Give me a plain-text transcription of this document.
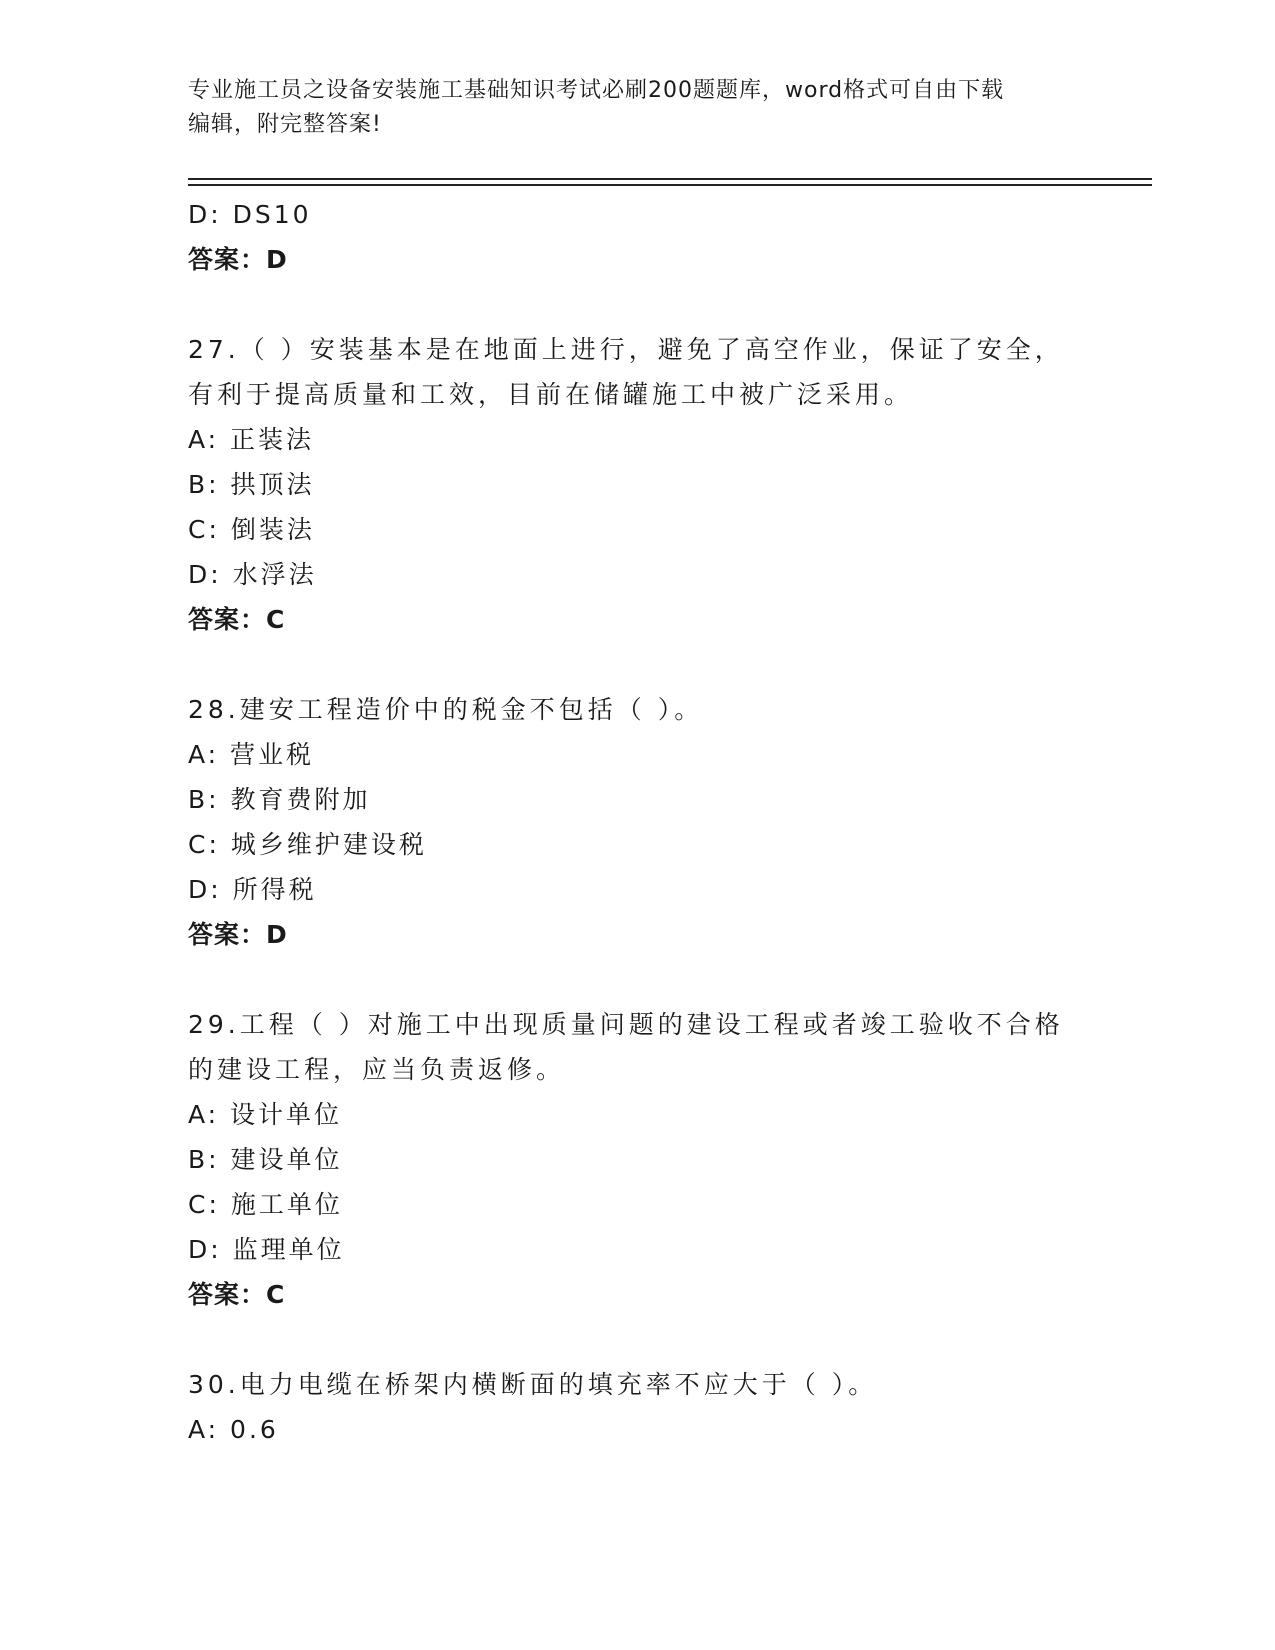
专业施工员之设备安装施工基础知识考试必刷200题题库，word格式可自由下载
编辑，附完整答案!
D: DS10
答案：D
27.（ ）安装基本是在地面上进行，避免了高空作业，保证了安全，
有利于提高质量和工效，目前在储罐施工中被广泛采用。
A: 正装法
B: 拱顶法
C: 倒装法
D: 水浮法
答案：C
28.建安工程造价中的税金不包括（ ）。
A: 营业税
B: 教育费附加
C: 城乡维护建设税
D: 所得税
答案：D
29.工程（ ）对施工中出现质量问题的建设工程或者竣工验收不合格
的建设工程，应当负责返修。
A: 设计单位
B: 建设单位
C: 施工单位
D: 监理单位
答案：C
30.电力电缆在桥架内横断面的填充率不应大于（ ）。
A: 0.6
